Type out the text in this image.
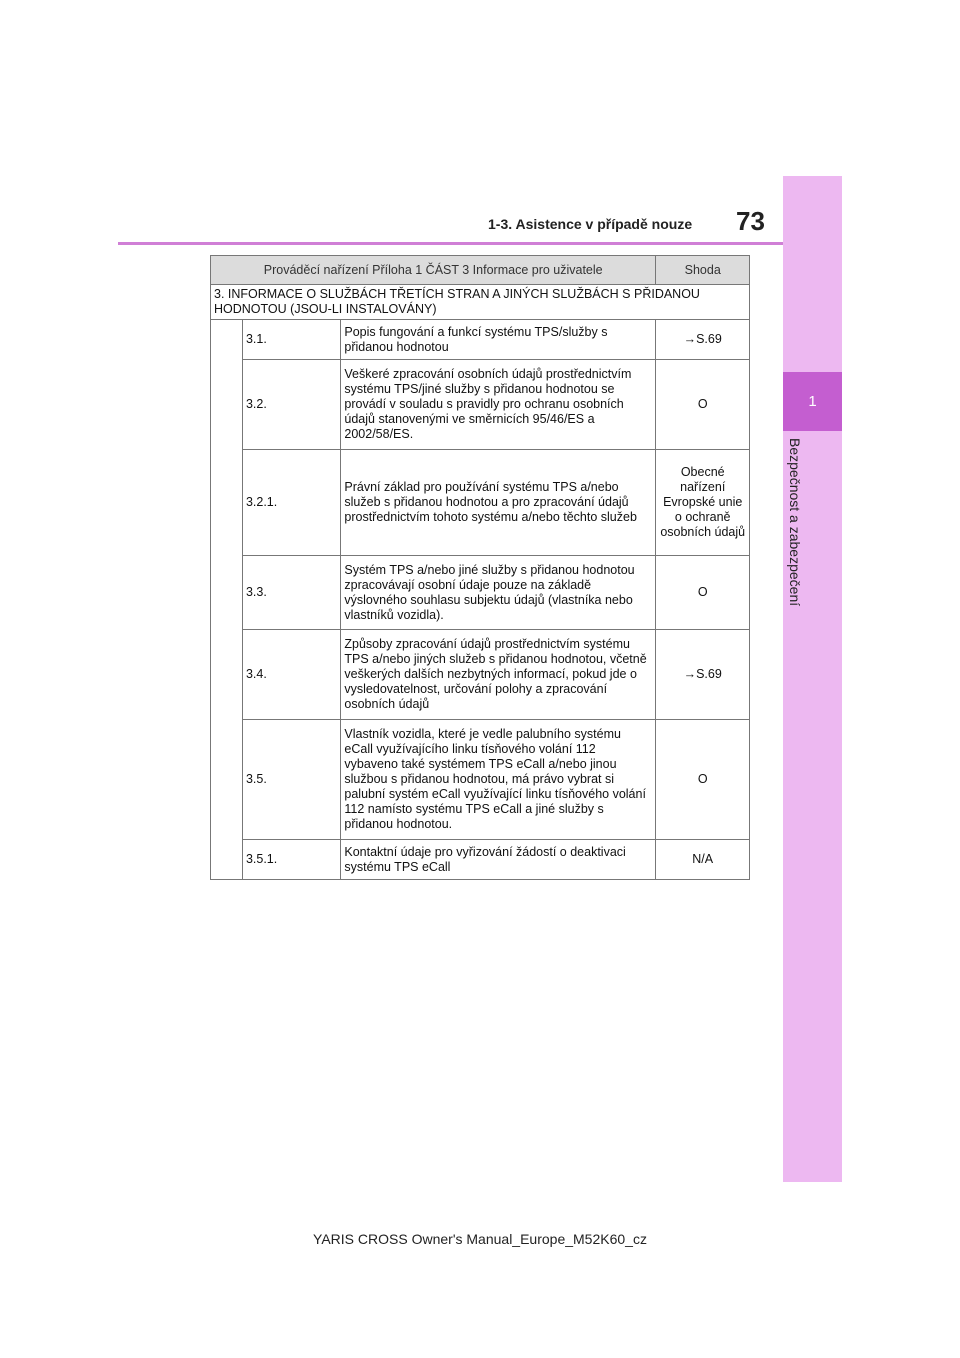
1
Bezpečnost a zabezpečení
73
1-3. Asistence v případě nouze
Prováděcí nařízení Příloha 1 ČÁST 3 Informace pro uživatele			Shoda
3. INFORMACE O SLUŽBÁCH TŘETÍCH STRAN A JINÝCH SLUŽBÁCH S PŘIDANOU HODNOTOU (JSOU-LI INSTALOVÁNY)			
	3.1.	Popis fungování a funkcí systému TPS/služby s přidanou hodnotou	→S.69
	3.2.	Veškeré zpracování osobních údajů prostřednictvím systému TPS/jiné služby s přidanou hodnotou se provádí v souladu s pravidly pro ochranu osobních údajů stanovenými ve směrnicích 95/46/ES a 2002/58/ES.	O
	3.2.1.	Právní základ pro používání systému TPS a/nebo služeb s přidanou hodnotou a pro zpracování údajů prostřednictvím tohoto systému a/nebo těchto služeb	Obecné nařízení Evropské unie o ochraně osobních údajů
	3.3.	Systém TPS a/nebo jiné služby s přidanou hodnotou zpracovávají osobní údaje pouze na základě výslovného souhlasu subjektu údajů (vlastníka nebo vlastníků vozidla).	O
	3.4.	Způsoby zpracování údajů prostřednictvím systému TPS a/nebo jiných služeb s přidanou hodnotou, včetně veškerých dalších nezbytných informací, pokud jde o vysledovatelnost, určování polohy a zpracování osobních údajů	→S.69
	3.5.	Vlastník vozidla, které je vedle palubního systému eCall využívajícího linku tísňového volání 112 vybaveno také systémem TPS eCall a/nebo jinou službou s přidanou hodnotou, má právo vybrat si palubní systém eCall využívající linku tísňového volání 112 namísto systému TPS eCall a jiné služby s přidanou hodnotou.	O
	3.5.1.	Kontaktní údaje pro vyřizování žádostí o deaktivaci systému TPS eCall	N/A
YARIS CROSS Owner's Manual_Europe_M52K60_cz
